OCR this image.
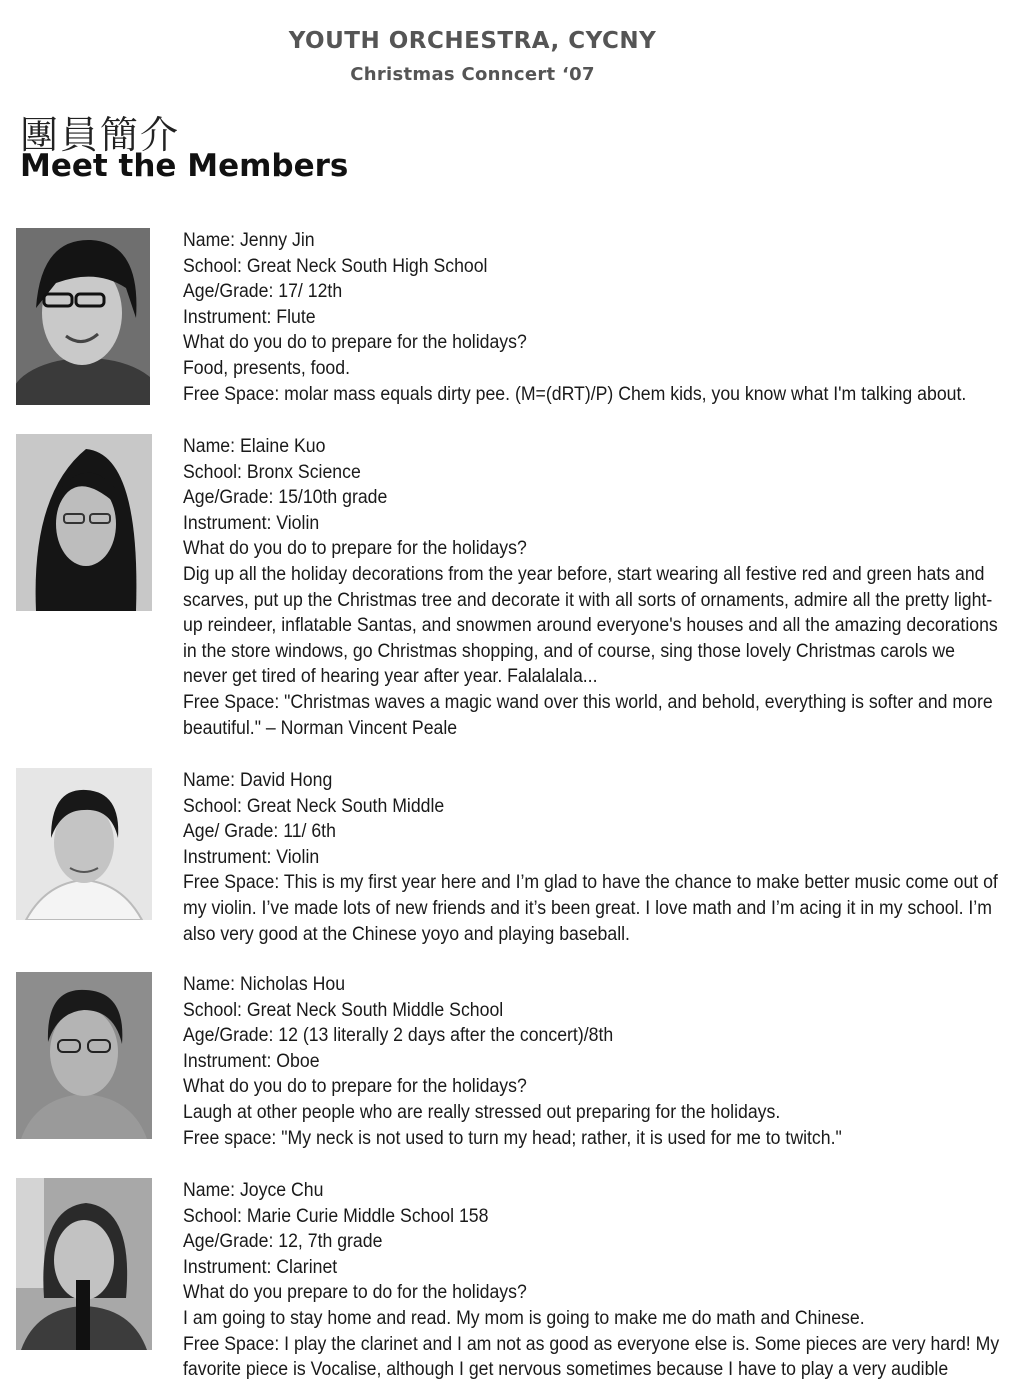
YOUTH ORCHESTRA, CYCNY
Christmas Conncert ‘07
團員簡介
Meet the Members
Name: Jenny Jin
School: Great Neck South High School
Age/Grade: 17/ 12th
Instrument: Flute
What do you do to prepare for the holidays?
Food, presents, food.
Free Space: molar mass equals dirty pee. (M=(dRT)/P) Chem kids, you know what I'm talking about.
Name: Elaine Kuo
School: Bronx Science
Age/Grade: 15/10th grade
Instrument: Violin
What do you do to prepare for the holidays?
Dig up all the holiday decorations from the year before, start wearing all festive red and green hats and scarves, put up the Christmas tree and decorate it with all sorts of ornaments, admire all the pretty light-up reindeer, inflatable Santas, and snowmen around everyone's houses and all the amazing decorations in the store windows, go Christmas shopping, and of course, sing those lovely Christmas carols we never get tired of hearing year after year. Falalalala...
Free Space: "Christmas waves a magic wand over this world, and behold, everything is softer and more beautiful." – Norman Vincent Peale
Name: David Hong
School: Great Neck South Middle
Age/ Grade: 11/ 6th
Instrument: Violin
Free Space: This is my first year here and I’m glad to have the chance to make better music come out of my violin. I’ve made lots of new friends and it’s been great. I love math and I’m acing it in my school. I’m also very good at the Chinese yoyo and playing baseball.
Name: Nicholas Hou
School: Great Neck South Middle School
Age/Grade: 12 (13 literally 2 days after the concert)/8th
Instrument: Oboe
What do you do to prepare for the holidays?
Laugh at other people who are really stressed out preparing for the holidays.
Free space: "My neck is not used to turn my head; rather, it is used for me to twitch."
Name: Joyce Chu
School: Marie Curie Middle School 158
Age/Grade: 12, 7th grade
Instrument: Clarinet
What do you prepare to do for the holidays?
I am going to stay home and read. My mom is going to make me do math and Chinese.
Free Space: I play the clarinet and I am not as good as everyone else is. Some pieces are very hard! My favorite piece is Vocalise, although I get nervous sometimes because I have to play a very audible
